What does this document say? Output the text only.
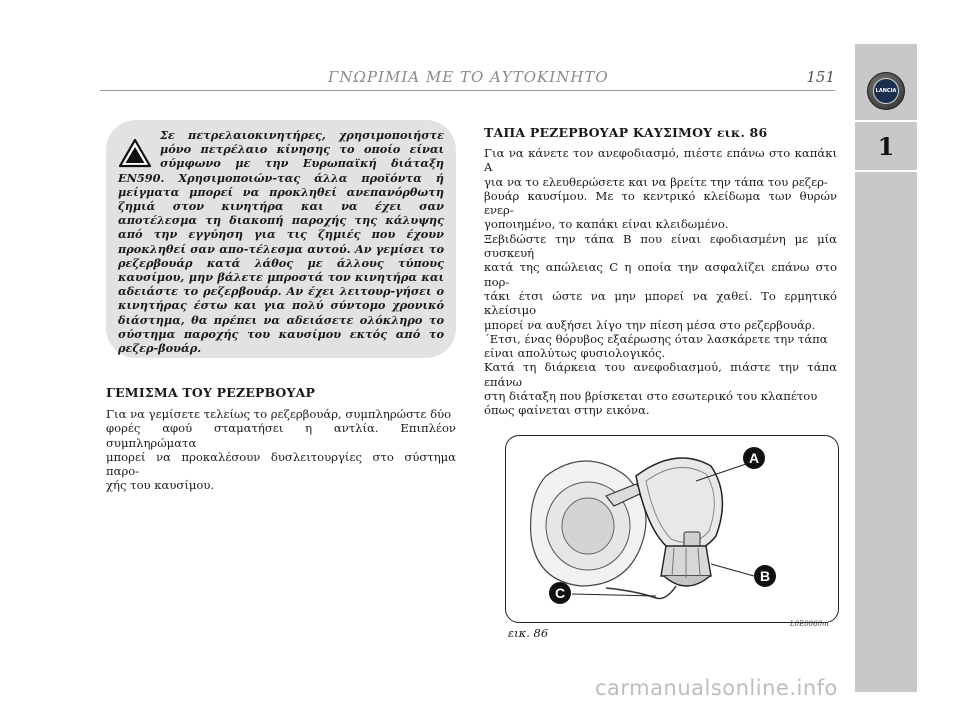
ΓΝΩΡΙΜΙΑ ΜΕ ΤΟ ΑΥΤΟΚΙΝΗΤΟ	151
LANCIA
1

Σε πετρελαιοκινητήρες, χρησιμοποιήστε μόνο πετρέλαιο κίνησης το οποίο είναι σύμφωνο με την Ευρωπαϊκή διάταξη EN590. Χρησιμοποιών-τας άλλα προϊόντα ή μείγματα μπορεί να προκληθεί ανεπανόρθωτη ζημιά στον κινητήρα και να έχει σαν αποτέλεσμα τη διακοπή παροχής της κάλυψης από την εγγύηση για τις ζημιές που έχουν προκληθεί σαν απο-τέλεσμα αυτού. Αν γεμίσει το ρεζερβουάρ κατά λάθος με άλλους τύπους καυσίμου, μην βάλετε μπροστά τον κινητήρα και αδειάστε το ρεζερβουάρ. Αν έχει λειτουρ-γήσει ο κινητήρας έστω και για πολύ σύντομο χρονικό διάστημα, θα πρέπει να αδειάσετε ολόκληρο το σύστημα παροχής του καυσίμου εκτός από το ρεζερ-βουάρ.

ΓΕΜΙΣΜΑ ΤΟΥ ΡΕΖΕΡΒΟΥΑΡ

Για να γεμίσετε τελείως το ρεζερβουάρ, συμπληρώστε δύο
φορές αφού σταματήσει η αντλία. Επιπλέον συμπληρώματα
μπορεί να προκαλέσουν δυσλειτουργίες στο σύστημα παρο-
χής του καυσίμου.

ΤΑΠΑ ΡΕΖΕΡΒΟΥΑΡ ΚΑΥΣΙΜΟΥ εικ. 86

Για να κάνετε τον ανεφοδιασμό, πιέστε επάνω στο καπάκι A
για να το ελευθερώσετε και να βρείτε την τάπα του ρεζερ-
βουάρ καυσίμου. Με το κεντρικό κλείδωμα των θυρών ενερ-
γοποιημένο, το καπάκι είναι κλειδωμένο.
Ξεβιδώστε την τάπα B που είναι εφοδιασμένη με μία συσκευή
κατά της απώλειας C η οποία την ασφαλίζει επάνω στο πορ-
τάκι έτσι ώστε να μην μπορεί να χαθεί. Το ερμητικό κλείσιμο
μπορεί να αυξήσει λίγο την πίεση μέσα στο ρεζερβουάρ.
΄Ετσι, ένας θόρυβος εξαέρωσης όταν λασκάρετε την τάπα
είναι απολύτως φυσιολογικός.
Κατά τη διάρκεια του ανεφοδιασμού, πιάστε την τάπα επάνω
στη διάταξη που βρίσκεται στο εσωτερικό του κλαπέτου
όπως φαίνεται στην εικόνα.

A
B
C
εικ. 86
L0E0060m
carmanualsonline.info
